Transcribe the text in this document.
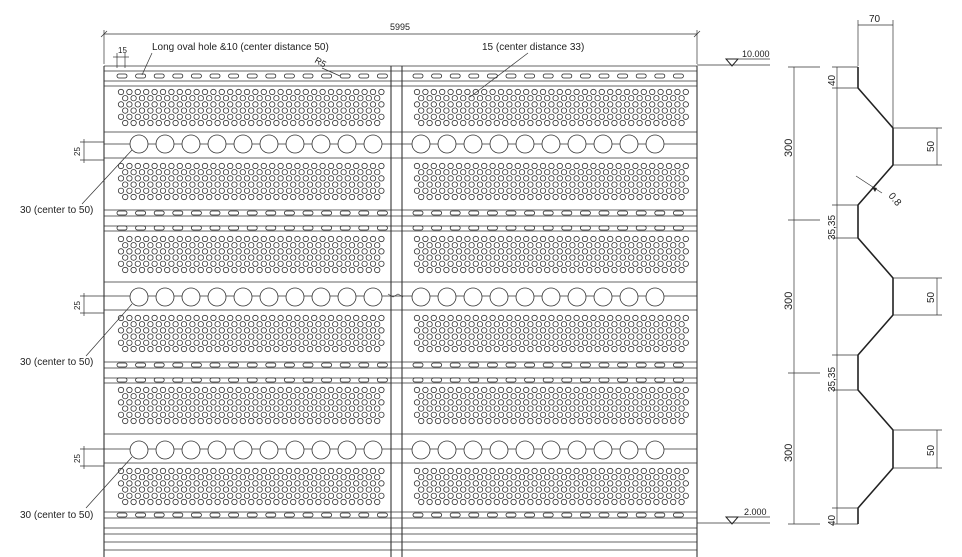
5995
15	Long oval hole &10 (center distance 50)
R5
15 (center distance 33)
30 (center to 50)
30 (center to 50)
30 (center to 50)
25
25
25
10.000
2.000
70
40
35,35
35,35
40
300
300
300
50
50
50
0.8
